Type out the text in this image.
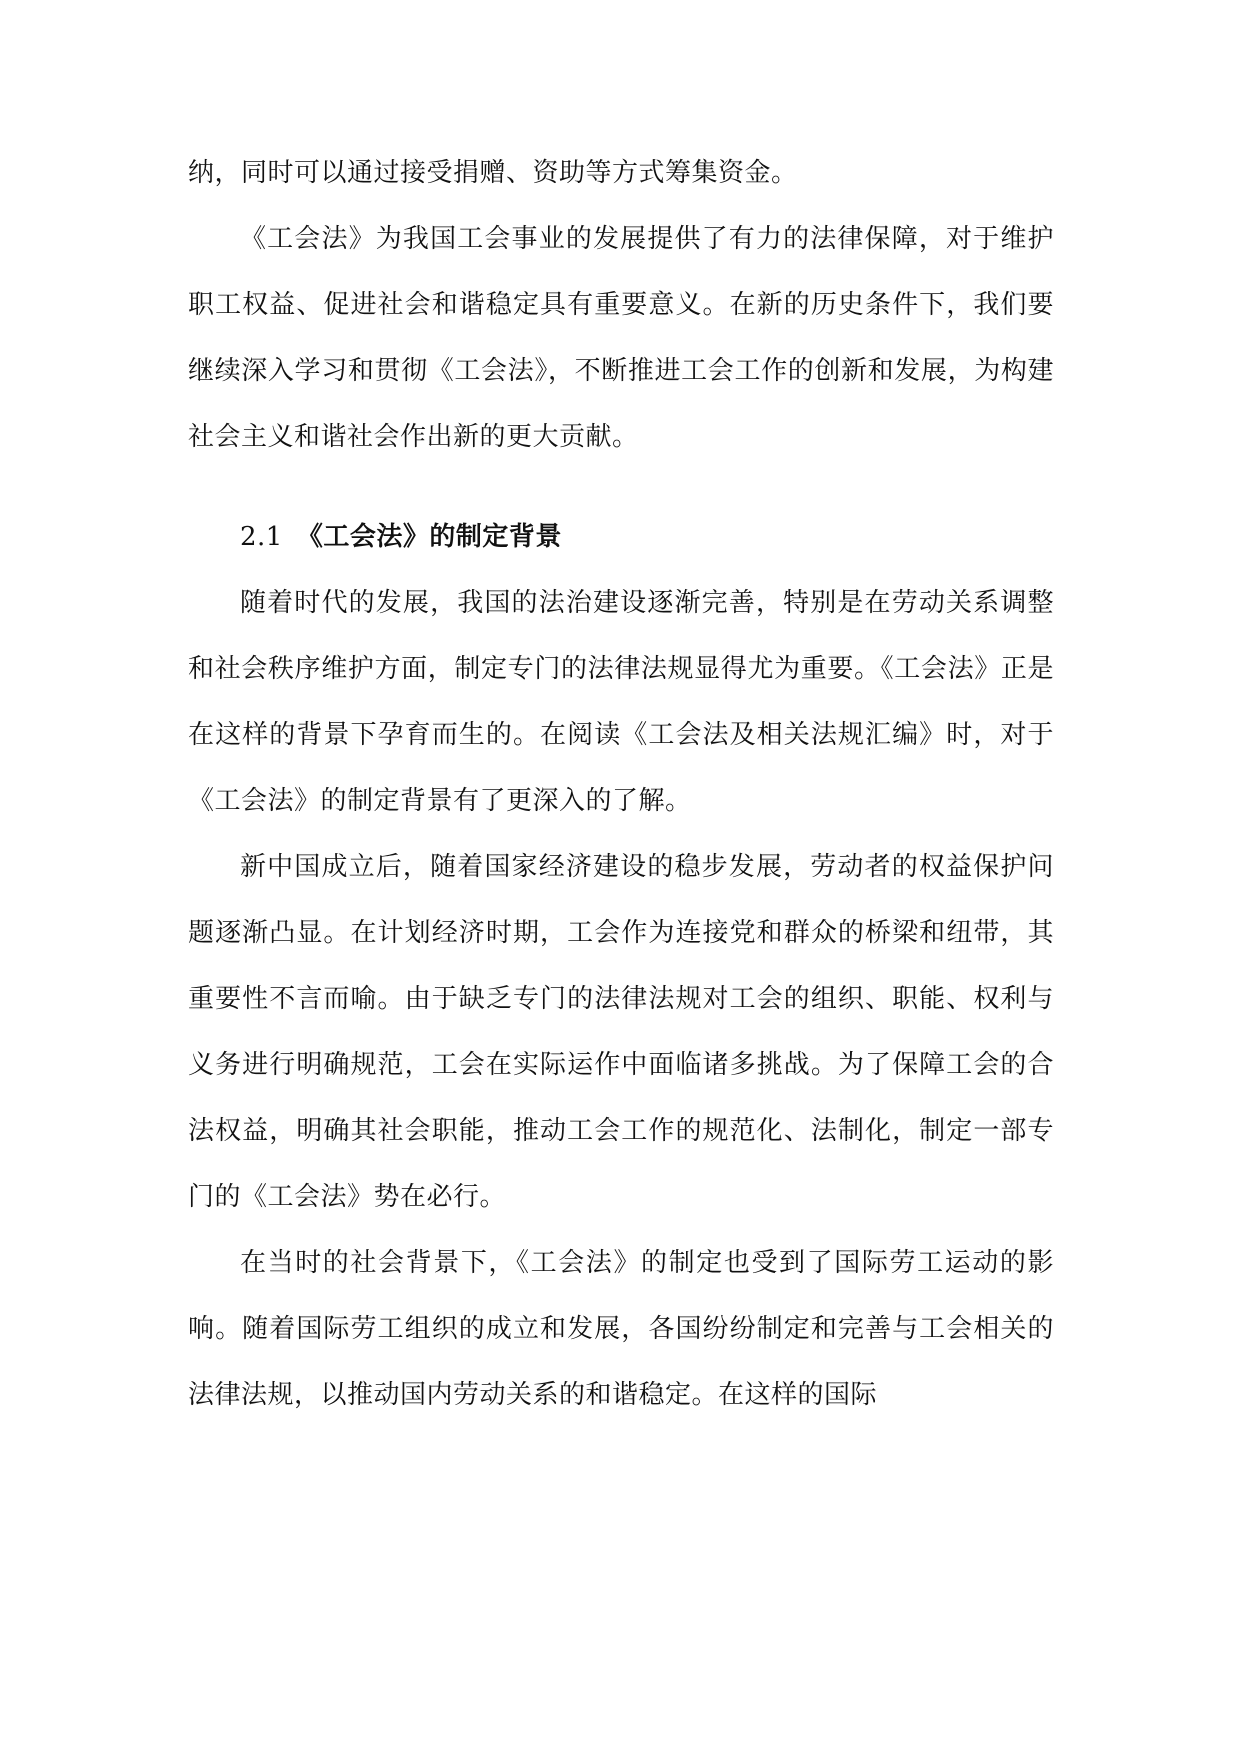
纳，同时可以通过接受捐赠、资助等方式筹集资金。

《工会法》为我国工会事业的发展提供了有力的法律保障，对于维护职工权益、促进社会和谐稳定具有重要意义。在新的历史条件下，我们要继续深入学习和贯彻《工会法》，不断推进工会工作的创新和发展，为构建社会主义和谐社会作出新的更大贡献。

2.1 《工会法》的制定背景

随着时代的发展，我国的法治建设逐渐完善，特别是在劳动关系调整和社会秩序维护方面，制定专门的法律法规显得尤为重要。《工会法》正是在这样的背景下孕育而生的。在阅读《工会法及相关法规汇编》时，对于《工会法》的制定背景有了更深入的了解。

新中国成立后，随着国家经济建设的稳步发展，劳动者的权益保护问题逐渐凸显。在计划经济时期，工会作为连接党和群众的桥梁和纽带，其重要性不言而喻。由于缺乏专门的法律法规对工会的组织、职能、权利与义务进行明确规范，工会在实际运作中面临诸多挑战。为了保障工会的合法权益，明确其社会职能，推动工会工作的规范化、法制化，制定一部专门的《工会法》势在必行。

在当时的社会背景下，《工会法》的制定也受到了国际劳工运动的影响。随着国际劳工组织的成立和发展，各国纷纷制定和完善与工会相关的法律法规，以推动国内劳动关系的和谐稳定。在这样的国际
